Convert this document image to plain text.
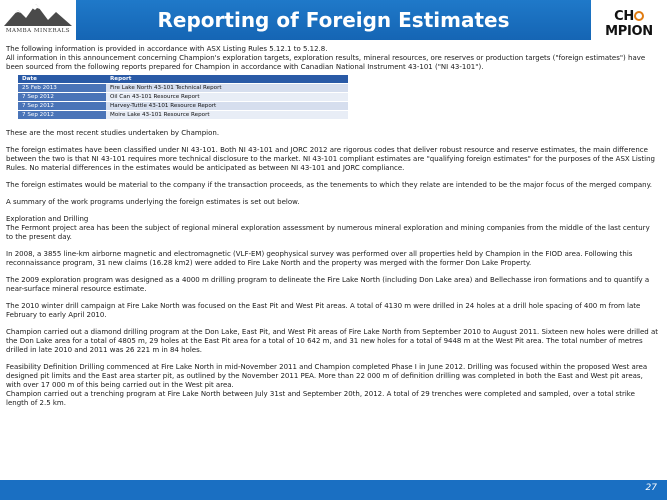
MAMBA MINERALS	Reporting of Foreign Estimates	CHMPION

The following information is provided in accordance with ASX Listing Rules 5.12.1 to 5.12.8.

All information in this announcement concerning Champion's exploration targets, exploration results, mineral resources, ore reserves or production targets ("foreign estimates") have been sourced from the following reports prepared for Champion in accordance with Canadian National Instrument 43-101 ("NI 43-101").

Date	Report
25 Feb 2013	Fire Lake North 43-101 Technical Report
7 Sep 2012	Oil Can 43-101 Resource Report
7 Sep 2012	Harvey-Tuttle 43-101 Resource Report
7 Sep 2012	Moire Lake 43-101 Resource Report

These are the most recent studies undertaken by Champion.

The foreign estimates have been classified under NI 43-101. Both NI 43-101 and JORC 2012 are rigorous codes that deliver robust resource and reserve estimates, the main difference between the two is that NI 43-101 requires more technical disclosure to the market. NI 43-101 compliant estimates are "qualifying foreign estimates" for the purposes of the ASX Listing Rules. No material differences in the estimates would be anticipated as between NI 43-101 and JORC compliance.

The foreign estimates would be material to the company if the transaction proceeds, as the tenements to which they relate are intended to be the major focus of the merged company.

A summary of the work programs underlying the foreign estimates is set out below.

Exploration and Drilling

The Fermont project area has been the subject of regional mineral exploration assessment by numerous mineral exploration and mining companies from the middle of the last century to the present day.

In 2008, a 3855 line-km airborne magnetic and electromagnetic (VLF-EM) geophysical survey was performed over all properties held by Champion in the FIOD area. Following this reconnaissance program, 31 new claims (16.28 km2) were added to Fire Lake North and the property was merged with the former Don Lake Property.

The 2009 exploration program was designed as a 4000 m drilling program to delineate the Fire Lake North (including Don Lake area) and Bellechasse iron formations and to quantify a near-surface mineral resource estimate.

The 2010 winter drill campaign at Fire Lake North was focused on the East Pit and West Pit areas. A total of 4130 m were drilled in 24 holes at a drill hole spacing of 400 m from late February to early April 2010.

Champion carried out a diamond drilling program at the Don Lake, East Pit, and West Pit areas of Fire Lake North from September 2010 to August 2011. Sixteen new holes were drilled at the Don Lake area for a total of 4805 m, 29 holes at the East Pit area for a total of 10 642 m, and 31 new holes for a total of 9448 m at the West Pit area. The total number of metres drilled in late 2010 and 2011 was 26 221 m in 84 holes.

Feasibility Definition Drilling commenced at Fire Lake North in mid-November 2011 and Champion completed Phase I in June 2012. Drilling was focused within the proposed West area designed pit limits and the East area starter pit, as outlined by the November 2011 PEA. More than 22 000 m of definition drilling was completed in both the East and West pit areas, with over 17 000 m of this being carried out in the West pit area.

Champion carried out a trenching program at Fire Lake North between July 31st and September 20th, 2012. A total of 29 trenches were completed and sampled, over a total strike length of 2.5 km.

27
